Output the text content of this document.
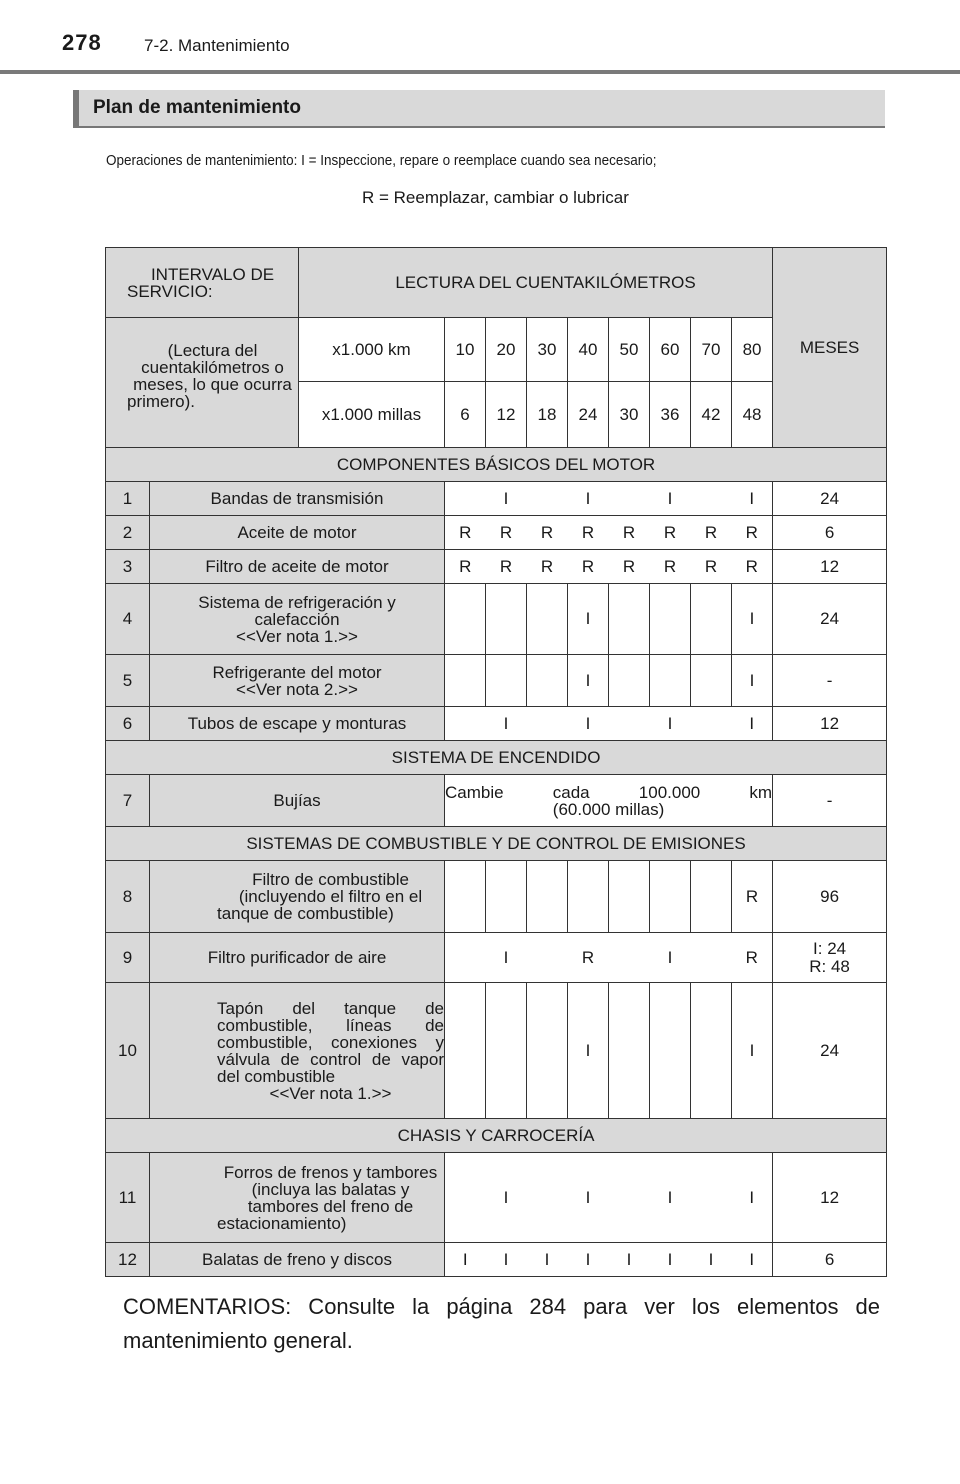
278 7-2. Mantenimiento
Plan de mantenimiento
Operaciones de mantenimiento: I = Inspeccione, repare o reemplace cuando sea necesario;
R = Reemplazar, cambiar o lubricar
INTERVALO DE SERVICIO:		LECTURA DEL CUENTAKILÓMETROS									MESES
(Lectura del cuentakilómetros o meses, lo que ocurra primero).		x1.000 km	10	20	30	40	50	60	70	80	
		x1.000 millas	6	12	18	24	30	36	42	48	
COMPONENTES BÁSICOS DEL MOTOR											
1	Bandas de transmisión			I		I		I		I	24
2	Aceite de motor		R	R	R	R	R	R	R	R	6
3	Filtro de aceite de motor		R	R	R	R	R	R	R	R	12
4	Sistema de refrigeración y
calefacción
<<Ver nota 1.>>					I				I	24
5	Refrigerante del motor
<<Ver nota 2.>>					I				I	-
6	Tubos de escape y monturas			I		I		I		I	12
SISTEMA DE ENCENDIDO											
7	Bujías		Cambie cada 100.000 km
(60.000 millas)								-
SISTEMAS DE COMBUSTIBLE Y DE CONTROL DE EMISIONES											
8	Filtro de combustible (incluyendo el filtro en el tanque de combustible)									R	96
9	Filtro purificador de aire			I		R		I		R	I: 24
R: 48

10	Tapón del tanque de combustible, líneas de combustible, conexiones y válvula de control de vapor del combustible
<<Ver nota 1.>>					I				I	24
CHASIS Y CARROCERÍA											
11	Forros de frenos y tambores (incluya las balatas y tambores del freno de estacionamiento)			I		I		I		I	12
12	Balatas de freno y discos		I	I	I	I	I	I	I	I	6
COMENTARIOS: Consulte la página 284 para ver los elementos de mantenimiento general.
